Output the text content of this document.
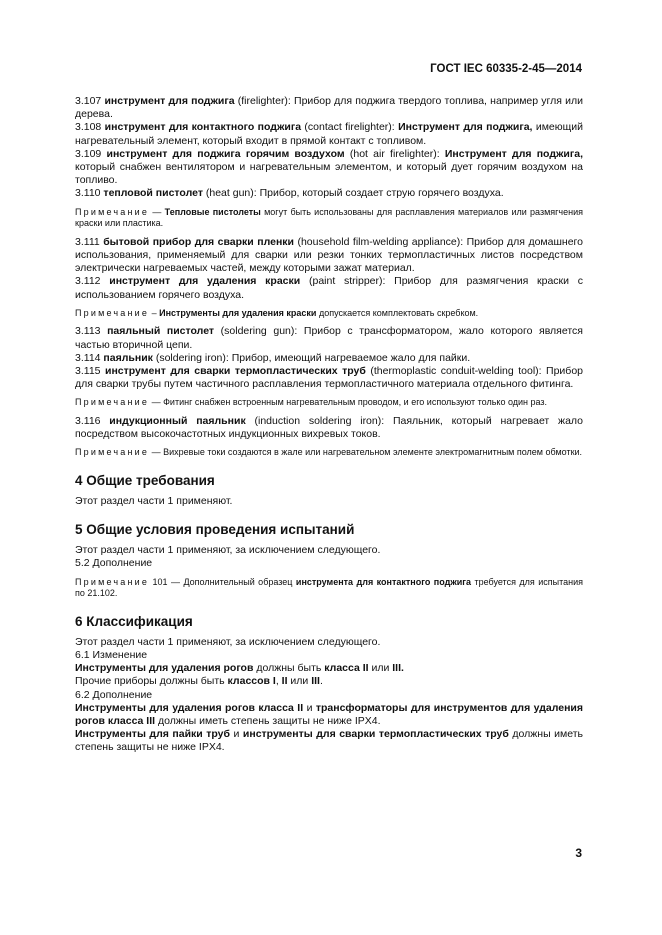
ГОСТ IEC 60335-2-45—2014

3.107 инструмент для поджига (firelighter): Прибор для поджига твердого топлива, например угля или дерева.

3.108 инструмент для контактного поджига (contact firelighter): Инструмент для поджига, имеющий нагревательный элемент, который входит в прямой контакт с топливом.

3.109 инструмент для поджига горячим воздухом (hot air firelighter): Инструмент для поджига, который снабжен вентилятором и нагревательным элементом, и который дует горячим воздухом на топливо.

3.110 тепловой пистолет (heat gun): Прибор, который создает струю горячего воздуха.

Примечание — Тепловые пистолеты могут быть использованы для расплавления материалов или размягчения краски или пластика.

3.111 бытовой прибор для сварки пленки (household film-welding appliance): Прибор для домашнего использования, применяемый для сварки или резки тонких термопластичных листов посредством электрически нагреваемых частей, между которыми зажат материал.

3.112 инструмент для удаления краски (paint stripper): Прибор для размягчения краски с использованием горячего воздуха.

Примечание – Инструменты для удаления краски допускается комплектовать скребком.

3.113 паяльный пистолет (soldering gun): Прибор с трансформатором, жало которого является частью вторичной цепи.

3.114 паяльник (soldering iron): Прибор, имеющий нагреваемое жало для пайки.

3.115 инструмент для сварки термопластических труб (thermoplastic conduit-welding tool): Прибор для сварки трубы путем частичного расплавления термопластичного материала отдельного фитинга.

Примечание — Фитинг снабжен встроенным нагревательным проводом, и его используют только один раз.

3.116 индукционный паяльник (induction soldering iron): Паяльник, который нагревает жало посредством высокочастотных индукционных вихревых токов.

Примечание — Вихревые токи создаются в жале или нагревательном элементе электромагнитным полем обмотки.

4 Общие требования

Этот раздел части 1 применяют.

5 Общие условия проведения испытаний

Этот раздел части 1 применяют, за исключением следующего.

5.2 Дополнение

Примечание 101 — Дополнительный образец инструмента для контактного поджига требуется для испытания по 21.102.

6 Классификация

Этот раздел части 1 применяют, за исключением следующего.

6.1 Изменение

Инструменты для удаления рогов должны быть класса II или III.

Прочие приборы должны быть классов I, II или III.

6.2 Дополнение

Инструменты для удаления рогов класса II и трансформаторы для инструментов для удаления рогов класса III должны иметь степень защиты не ниже IPX4.

Инструменты для пайки труб и инструменты для сварки термопластических труб должны иметь степень защиты не ниже IPX4.

3
